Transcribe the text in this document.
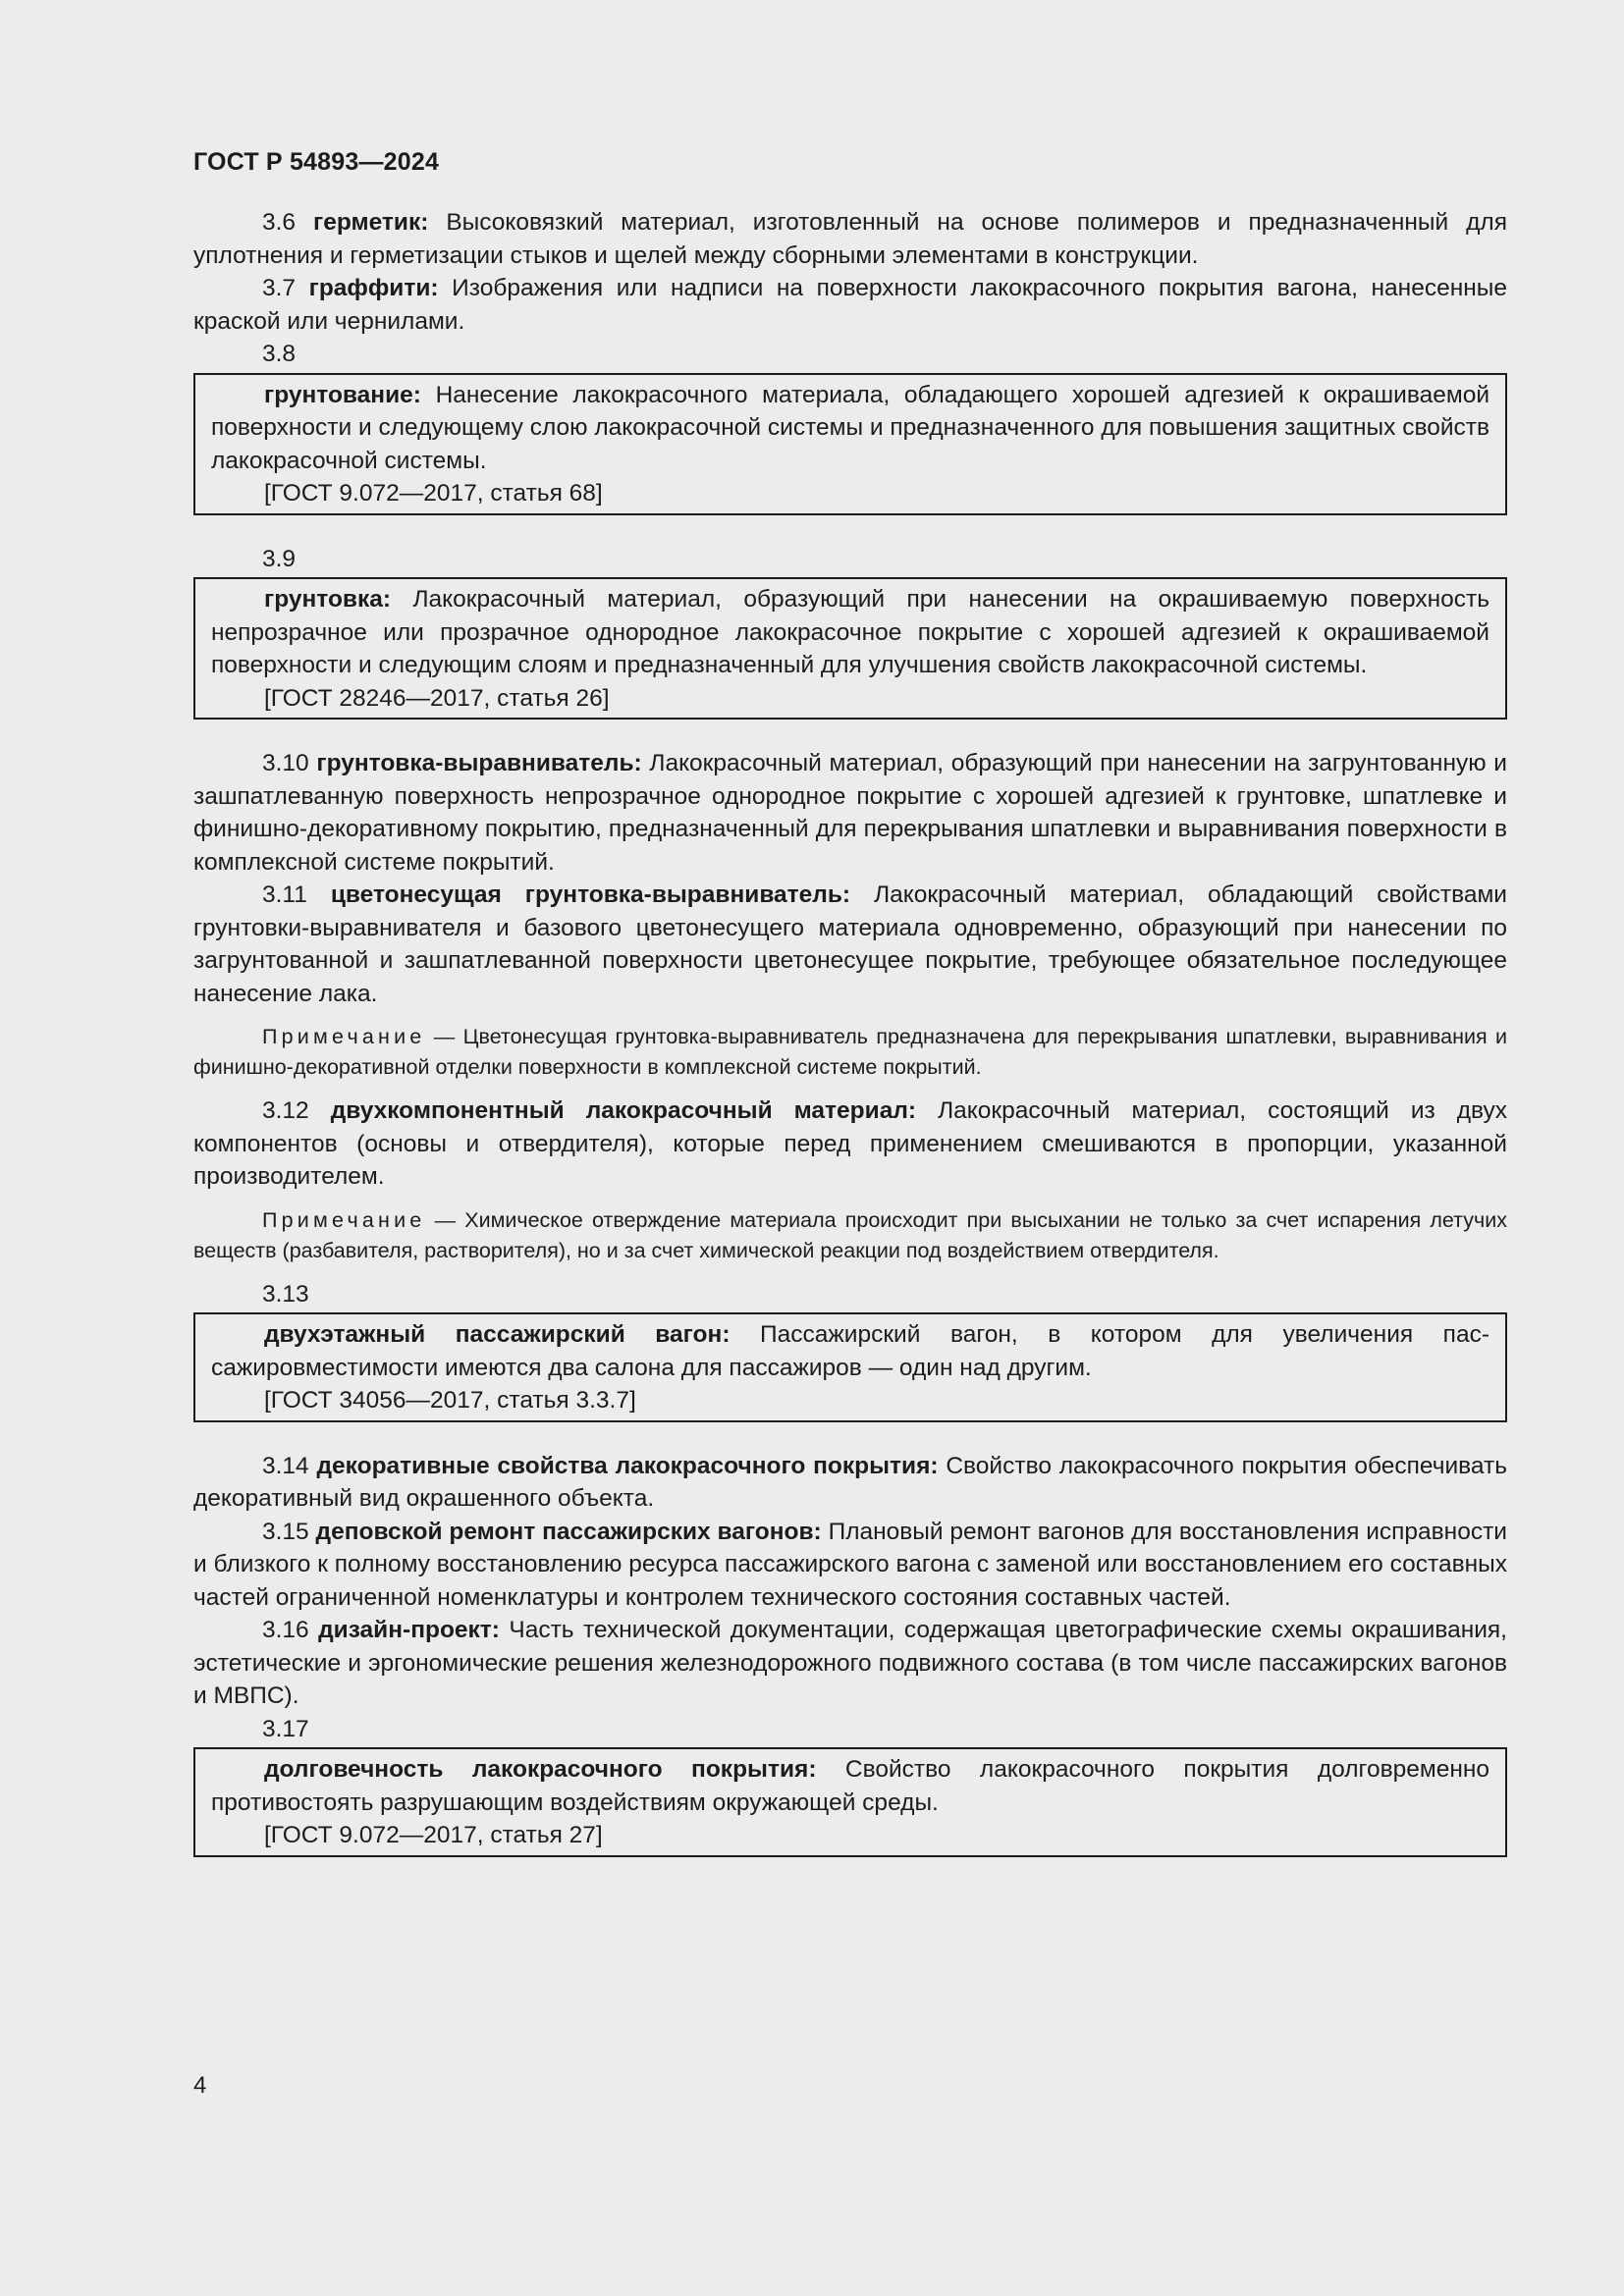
ГОСТ Р 54893—2024

3.6 герметик: Высоковязкий материал, изготовленный на основе полимеров и предназначенный для уплотнения и герметизации стыков и щелей между сборными элементами в конструкции.

3.7 граффити: Изображения или надписи на поверхности лакокрасочного покрытия вагона, нанесенные краской или чернилами.

3.8

грунтование: Нанесение лакокрасочного материала, обладающего хорошей адгезией к окрашиваемой поверхности и следующему слою лакокрасочной системы и предназначенного для повышения защитных свойств лакокрасочной системы.

[ГОСТ 9.072—2017, статья 68]
3.9

грунтовка: Лакокрасочный материал, образующий при нанесении на окрашиваемую поверхность непрозрачное или прозрачное однородное лакокрасочное покрытие с хорошей адгезией к окрашиваемой поверхности и следующим слоям и предназначенный для улучшения свойств лакокрасочной системы.

[ГОСТ 28246—2017, статья 26]

3.10 грунтовка-выравниватель: Лакокрасочный материал, образующий при нанесении на загрунтованную и зашпатлеванную поверхность непрозрачное однородное покрытие с хорошей адгезией к грунтовке, шпатлевке и финишно-декоративному покрытию, предназначенный для перекрывания шпатлевки и выравнивания поверхности в комплексной системе покрытий.

3.11 цветонесущая грунтовка-выравниватель: Лакокрасочный материал, обладающий свойствами грунтовки-выравнивателя и базового цветонесущего материала одновременно, образующий при нанесении по загрунтованной и зашпатлеванной поверхности цветонесущее покрытие, требующее обязательное последующее нанесение лака.

Примечание — Цветонесущая грунтовка-выравниватель предназначена для перекрывания шпатлевки, выравнивания и финишно-декоративной отделки поверхности в комплексной системе покрытий.

3.12 двухкомпонентный лакокрасочный материал: Лакокрасочный материал, состоящий из двух компонентов (основы и отвердителя), которые перед применением смешиваются в пропорции, указанной производителем.

Примечание — Химическое отверждение материала происходит при высыхании не только за счет испарения летучих веществ (разбавителя, растворителя), но и за счет химической реакции под воздействием отвердителя.

3.13

двухэтажный пассажирский вагон: Пассажирский вагон, в котором для увеличения пассажировместимости имеются два салона для пассажиров — один над другим.

[ГОСТ 34056—2017, статья 3.3.7]

3.14 декоративные свойства лакокрасочного покрытия: Свойство лакокрасочного покрытия обеспечивать декоративный вид окрашенного объекта.

3.15 деповской ремонт пассажирских вагонов: Плановый ремонт вагонов для восстановления исправности и близкого к полному восстановлению ресурса пассажирского вагона с заменой или восстановлением его составных частей ограниченной номенклатуры и контролем технического состояния составных частей.

3.16 дизайн-проект: Часть технической документации, содержащая цветографические схемы окрашивания, эстетические и эргономические решения железнодорожного подвижного состава (в том числе пассажирских вагонов и МВПС).

3.17

долговечность лакокрасочного покрытия: Свойство лакокрасочного покрытия долговременно противостоять разрушающим воздействиям окружающей среды.

[ГОСТ 9.072—2017, статья 27]
4
